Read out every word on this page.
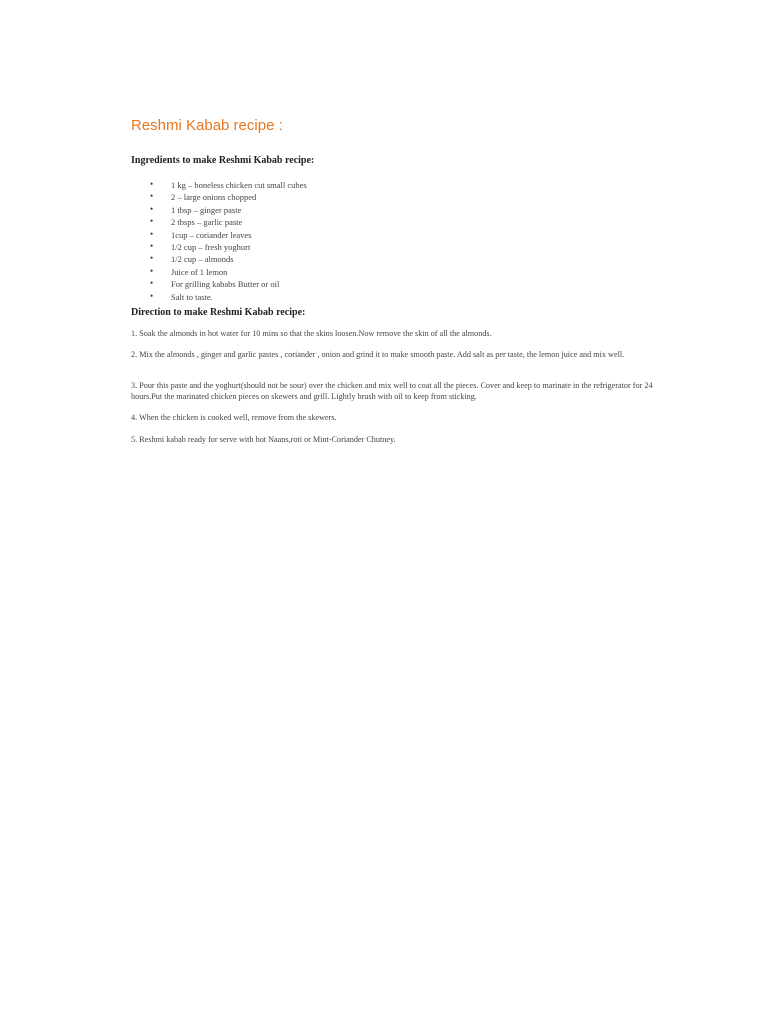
Reshmi Kabab recipe :
Ingredients to make Reshmi Kabab recipe:
• 1 kg – boneless chicken cut small cubes
• 2 – large onions chopped
• 1 tbsp – ginger paste
• 2 tbsps – garlic paste
• 1cup – coriander leaves
• 1/2 cup – fresh yoghurt
• 1/2 cup – almonds
• Juice of 1 lemon
• For grilling kababs Butter or oil
• Salt to taste.
Direction to make Reshmi Kabab recipe:

1. Soak the almonds in hot water for 10 mins so that the skins loosen.Now remove the skin of all the almonds.

2. Mix the almonds , ginger and garlic pastes , coriander , onion and grind it to make smooth paste. Add salt as per taste, the lemon juice and mix well.

3. Pour this paste and the yoghurt(should not be sour) over the chicken and mix well to coat all the pieces. Cover and keep to marinate in the refrigerator for 24 hours.Put the marinated chicken pieces on skewers and grill. Lightly brush with oil to keep from sticking.

4. When the chicken is cooked well, remove from the skewers.

5. Reshmi kabab ready for serve with hot Naans,roti or Mint-Coriander Chutney.
